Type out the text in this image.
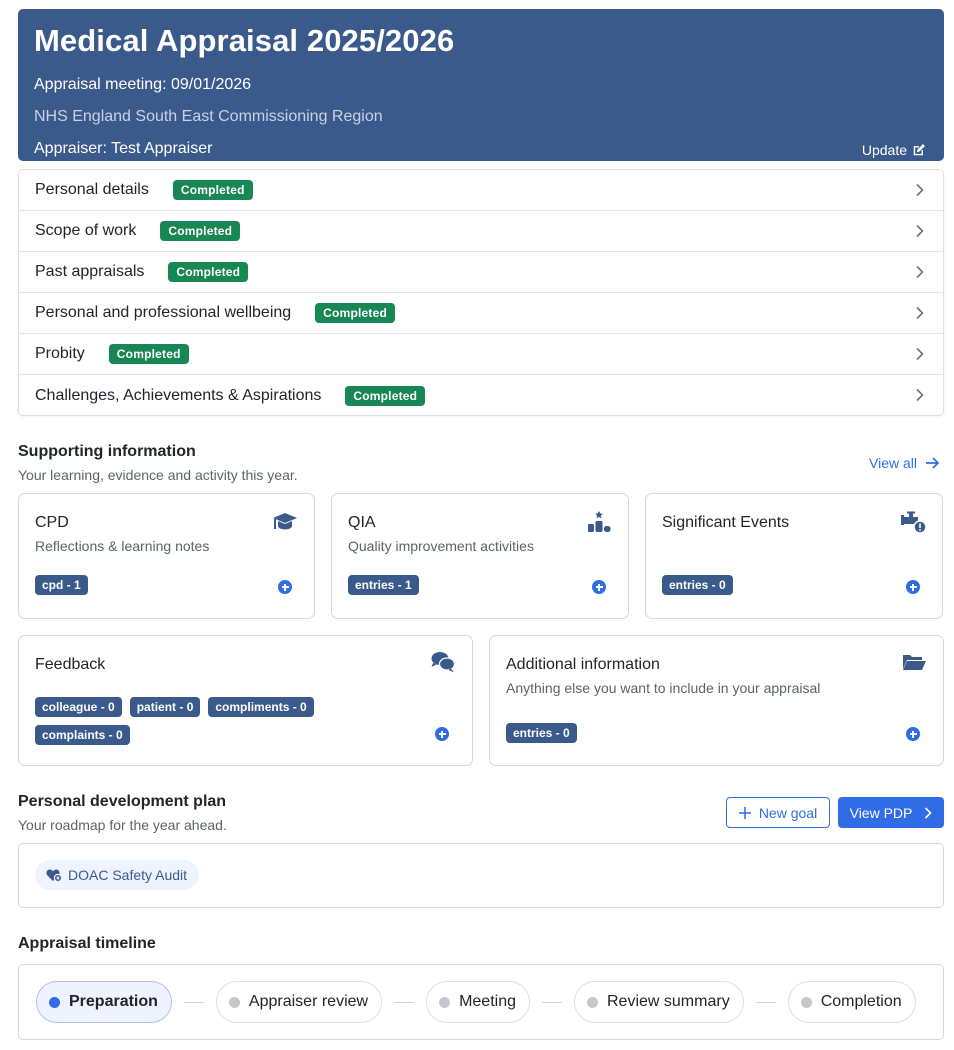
Medical Appraisal 2025/2026
Appraisal meeting: 09/01/2026
NHS England South East Commissioning Region
Appraiser: Test Appraiser	Update
Personal details	Completed
Scope of work	Completed
Past appraisals	Completed
Personal and professional wellbeing	Completed
Probity	Completed
Challenges, Achievements & Aspirations	Completed
Supporting information
Your learning, evidence and activity this year.
View all
CPD
Reflections & learning notes
cpd - 1
QIA
Quality improvement activities
entries - 1
Significant Events
entries - 0
Feedback
colleague - 0	patient - 0	compliments - 0
complaints - 0
Additional information
Anything else you want to include in your appraisal
entries - 0
Personal development plan
Your roadmap for the year ahead.
New goal View PDP
DOAC Safety Audit
Appraisal timeline
Preparation	Appraiser review	Meeting	Review summary	Completion
